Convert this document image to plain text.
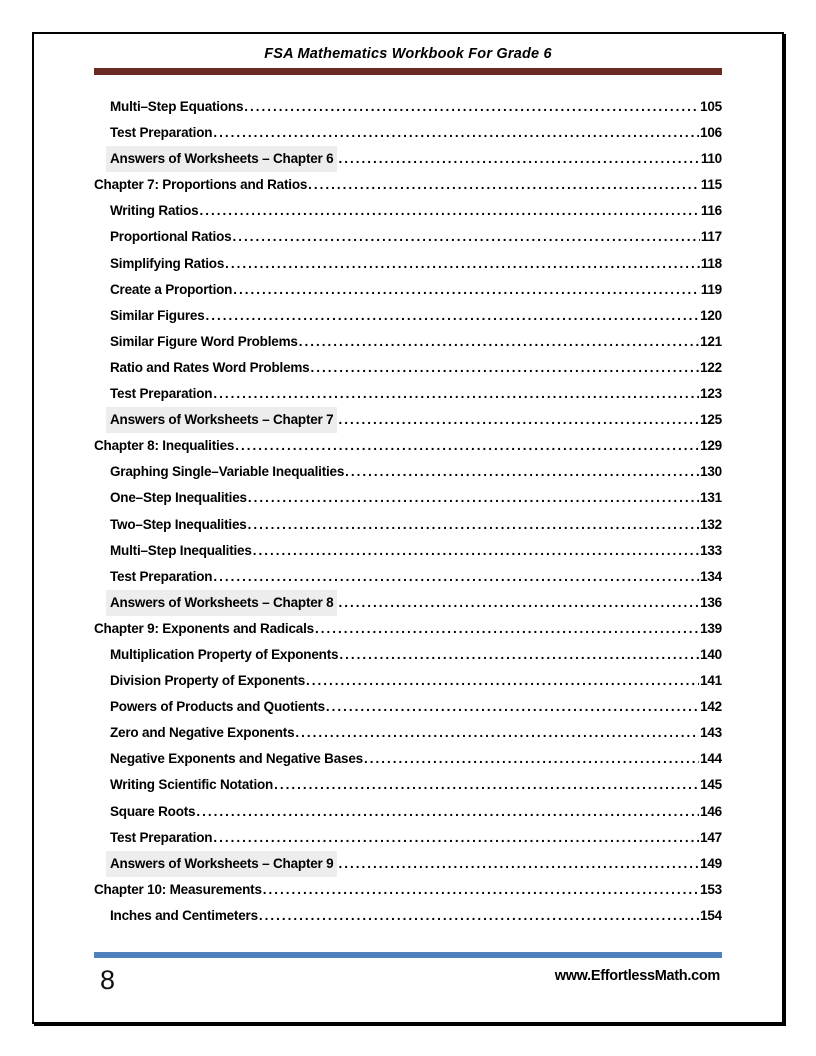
FSA Mathematics Workbook For Grade 6
Multi–Step Equations .....	105
Test Preparation .....	106
Answers of Worksheets – Chapter 6 .....	110
Chapter 7: Proportions and Ratios .....	115
Writing Ratios .....	116
Proportional Ratios .....	117
Simplifying Ratios .....	118
Create a Proportion .....	119
Similar Figures .....	120
Similar Figure Word Problems .....	121
Ratio and Rates Word Problems .....	122
Test Preparation .....	123
Answers of Worksheets – Chapter 7 .....	125
Chapter 8: Inequalities .....	129
Graphing Single–Variable Inequalities .....	130
One–Step Inequalities .....	131
Two–Step Inequalities .....	132
Multi–Step Inequalities .....	133
Test Preparation .....	134
Answers of Worksheets – Chapter 8 .....	136
Chapter 9: Exponents and Radicals .....	139
Multiplication Property of Exponents .....	140
Division Property of Exponents .....	141
Powers of Products and Quotients .....	142
Zero and Negative Exponents .....	143
Negative Exponents and Negative Bases .....	144
Writing Scientific Notation .....	145
Square Roots .....	146
Test Preparation .....	147
Answers of Worksheets – Chapter 9 .....	149
Chapter 10: Measurements .....	153
Inches and Centimeters .....	154
8	www.EffortlessMath.com
